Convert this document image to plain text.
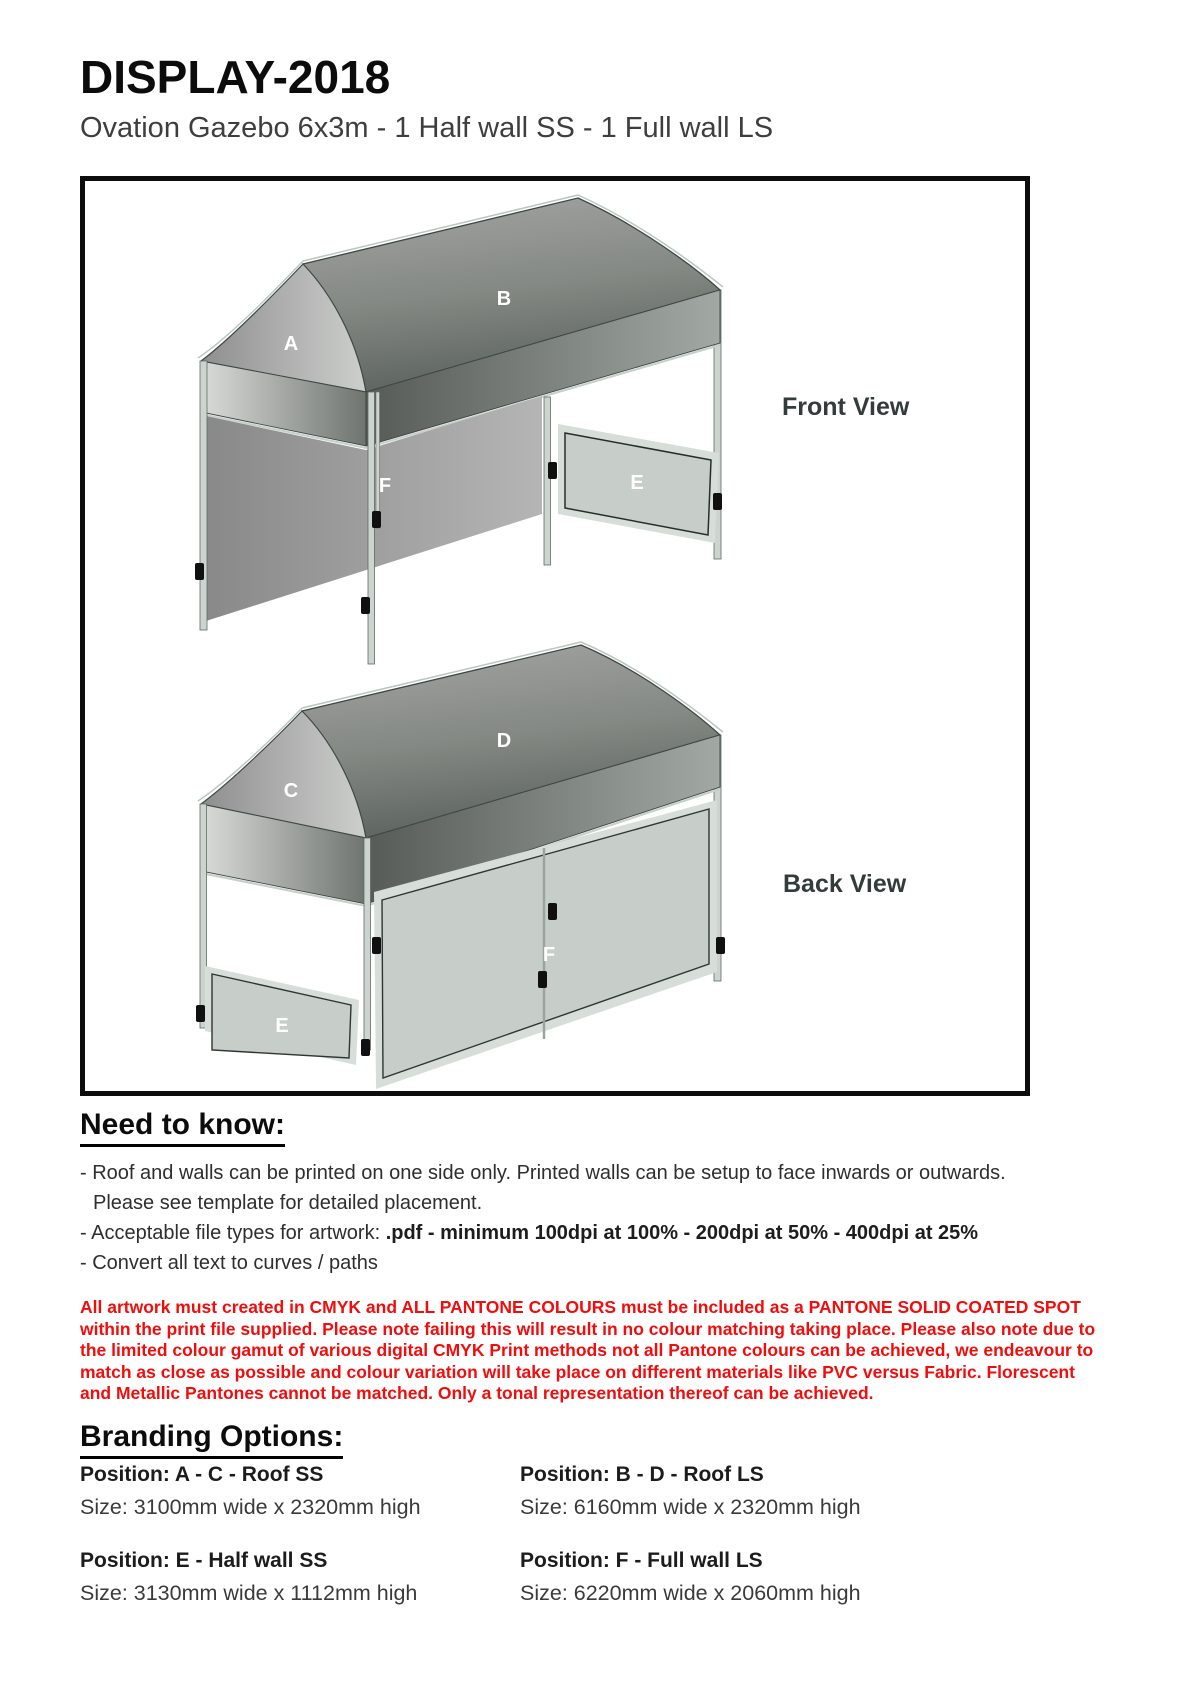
DISPLAY-2018
Ovation Gazebo 6x3m - 1 Half wall SS - 1 Full wall LS
A
B
E
F
C
D
E
F
Front View
Back View
Need to know:
- Roof and walls can be printed on one side only. Printed walls can be setup to face inwards or outwards.
Please see template for detailed placement.
- Acceptable file types for artwork: .pdf - minimum 100dpi at 100% - 200dpi at 50% - 400dpi at 25%
- Convert all text to curves / paths

All artwork must created in CMYK and ALL PANTONE COLOURS must be included as a PANTONE SOLID COATED SPOT within the print file supplied. Please note failing this will result in no colour matching taking place. Please also note due to the limited colour gamut of various digital CMYK Print methods not all Pantone colours can be achieved, we endeavour to match as close as possible and colour variation will take place on different materials like PVC versus Fabric. Florescent and Metallic Pantones cannot be matched. Only a tonal representation thereof can be achieved.

Branding Options:
Position: A - C - Roof SS
Size: 3100mm wide x 2320mm high
Position: B - D - Roof LS
Size: 6160mm wide x 2320mm high
Position: E - Half wall SS
Size: 3130mm wide x 1112mm high
Position: F - Full wall LS
Size: 6220mm wide x 2060mm high
